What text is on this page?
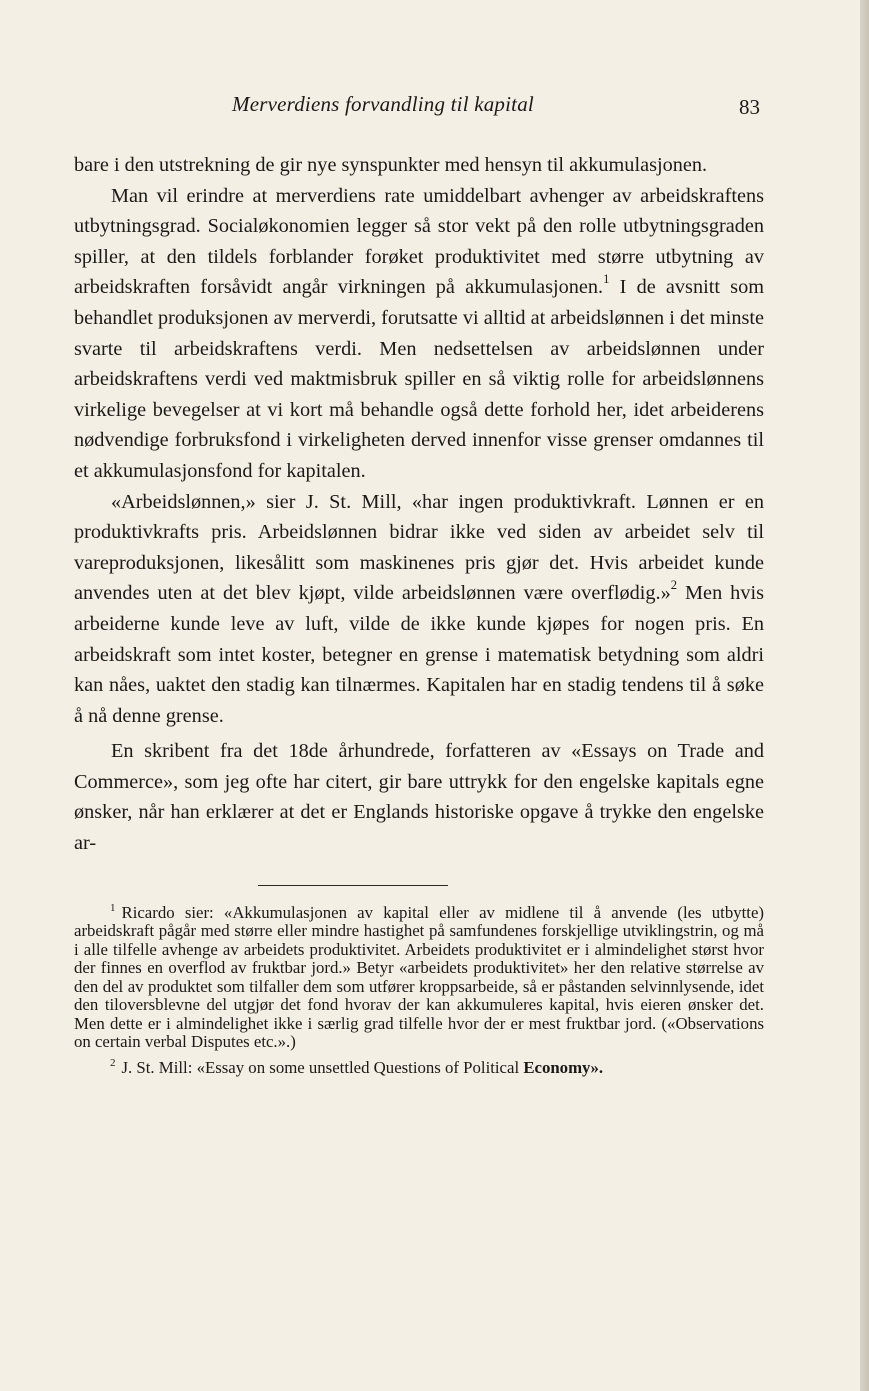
Merverdiens forvandling til kapital	83

bare i den utstrekning de gir nye synspunkter med hensyn til akkumulasjonen.

Man vil erindre at merverdiens rate umiddelbart avhenger av arbeidskraftens utbytningsgrad. Socialøkonomien legger så stor vekt på den rolle utbytningsgraden spiller, at den tildels forblander forøket produktivitet med større utbytning av arbeidskraften forsåvidt angår virkningen på akkumulasjonen.$^1$ I de avsnitt som behandlet produksjonen av merverdi, forutsatte vi alltid at arbeidslønnen i det minste svarte til arbeidskraftens verdi. Men nedsettelsen av arbeidslønnen under arbeidskraftens verdi ved maktmisbruk spiller en så viktig rolle for arbeidslønnens virkelige bevegelser at vi kort må behandle også dette forhold her, idet arbeiderens nødvendige forbruksfond i virkeligheten derved innenfor visse grenser omdannes til et akkumulasjonsfond for kapitalen.

«Arbeidslønnen,» sier J. St. Mill, «har ingen produktivkraft. Lønnen er en produktivkrafts pris. Arbeidslønnen bidrar ikke ved siden av arbeidet selv til vareproduksjonen, likesålitt som maskinenes pris gjør det. Hvis arbeidet kunde anvendes uten at det blev kjøpt, vilde arbeidslønnen være overflødig.»$^2$ Men hvis arbeiderne kunde leve av luft, vilde de ikke kunde kjøpes for nogen pris. En arbeidskraft som intet koster, betegner en grense i matematisk betydning som aldri kan nåes, uaktet den stadig kan tilnærmes. Kapitalen har en stadig tendens til å søke å nå denne grense.

En skribent fra det 18de århundrede, forfatteren av «Essays on Trade and Commerce», som jeg ofte har citert, gir bare uttrykk for den engelske kapitals egne ønsker, når han erklærer at det er Englands historiske opgave å trykke den engelske ar-

$^1$ Ricardo sier: «Akkumulasjonen av kapital eller av midlene til å anvende (les utbytte) arbeidskraft pågår med større eller mindre hastighet på samfundenes forskjellige utviklingstrin, og må i alle tilfelle avhenge av arbeidets produktivitet. Arbeidets produktivitet er i almindelighet størst hvor der finnes en overflod av fruktbar jord.» Betyr «arbeidets produktivitet» her den relative størrelse av den del av produktet som tilfaller dem som utfører kroppsarbeide, så er påstanden selvinnlysende, idet den tiloversblevne del utgjør det fond hvorav der kan akkumuleres kapital, hvis eieren ønsker det. Men dette er i almindelighet ikke i særlig grad tilfelle hvor der er mest fruktbar jord. («Observations on certain verbal Disputes etc.».)

$^2$ J. St. Mill: «Essay on some unsettled Questions of Political Economy».
